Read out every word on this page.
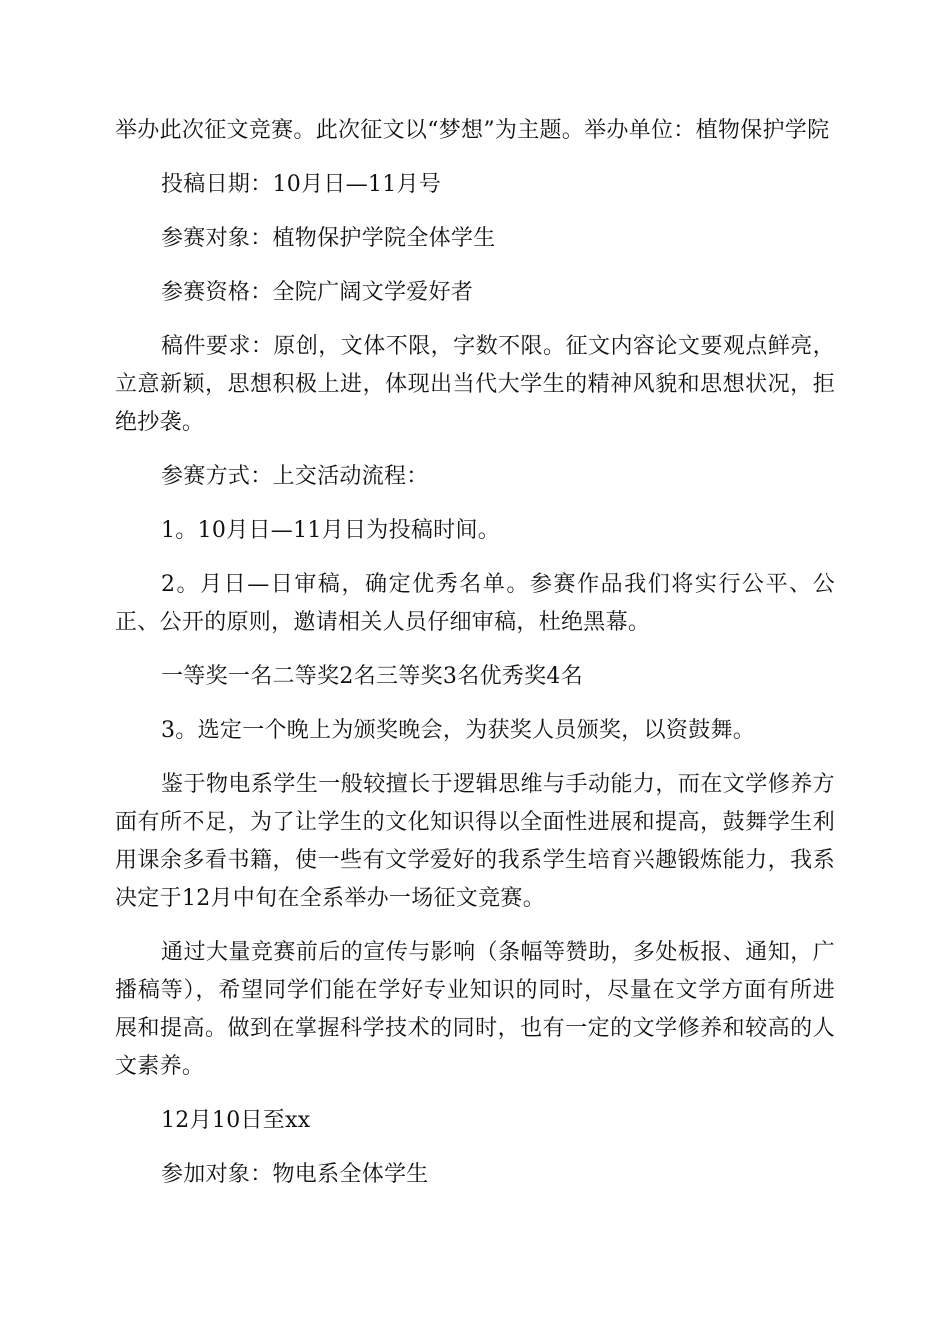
举办此次征文竞赛。此次征文以“梦想”为主题。举办单位：植物保护学院

投稿日期：10月日—11月号

参赛对象：植物保护学院全体学生

参赛资格：全院广阔文学爱好者

稿件要求：原创，文体不限，字数不限。征文内容论文要观点鲜亮，立意新颖，思想积极上进，体现出当代大学生的精神风貌和思想状况，拒绝抄袭。

参赛方式：上交活动流程：

1。10月日—11月日为投稿时间。

2。月日—日审稿，确定优秀名单。参赛作品我们将实行公平、公正、公开的原则，邀请相关人员仔细审稿，杜绝黑幕。

一等奖一名二等奖2名三等奖3名优秀奖4名

3。选定一个晚上为颁奖晚会，为获奖人员颁奖，以资鼓舞。

鉴于物电系学生一般较擅长于逻辑思维与手动能力，而在文学修养方面有所不足，为了让学生的文化知识得以全面性进展和提高，鼓舞学生利用课余多看书籍，使一些有文学爱好的我系学生培育兴趣锻炼能力，我系决定于12月中旬在全系举办一场征文竞赛。

通过大量竞赛前后的宣传与影响（条幅等赞助，多处板报、通知，广播稿等），希望同学们能在学好专业知识的同时，尽量在文学方面有所进展和提高。做到在掌握科学技术的同时，也有一定的文学修养和较高的人文素养。

12月10日至xx

参加对象：物电系全体学生
